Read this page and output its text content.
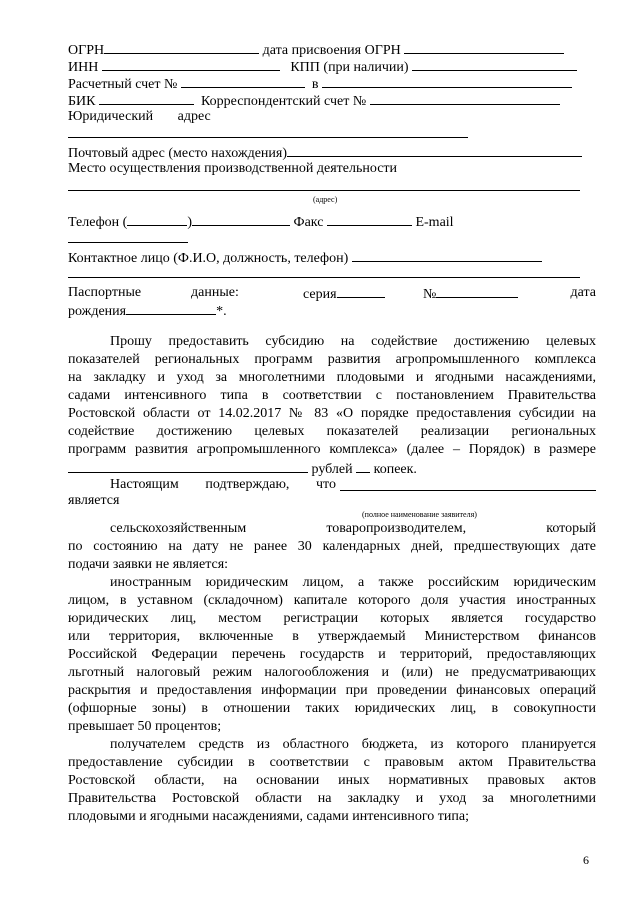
ОГРН	дата присвоения ОГРН
ИНН	КПП (при наличии)
Расчетный счет №	в
БИК	Корреспондентский счет №
Юридический адрес
Почтовый адрес (место нахождения)
Место осуществления производственной деятельности
(адрес)
Телефон (	)	Факс	E-mail
Контактное лицо (Ф.И.О, должность, телефон)
Паспортные	данные:	серия	№	дата
рождения	*.
Прошу предоставить субсидию на содействие достижению целевых
показателей региональных программ развития агропромышленного комплекса
на закладку и уход за многолетними плодовыми и ягодными насаждениями,
садами интенсивного типа в соответствии с постановлением Правительства
Ростовской области от 14.02.2017 № 83 «О порядке предоставления субсидии на
содействие достижению целевых показателей реализации региональных
программ развития агропромышленного комплекса» (далее – Порядок) в размере
рублей копеек.
Настоящим подтверждаю, что
является
(полное наименование заявителя)
сельскохозяйственным товаропроизводителем, который
по состоянию на дату не ранее 30 календарных дней, предшествующих дате
подачи заявки не является:
иностранным юридическим лицом, а также российским юридическим
лицом, в уставном (складочном) капитале которого доля участия иностранных
юридических лиц, местом регистрации которых является государство
или территория, включенные в утверждаемый Министерством финансов
Российской Федерации перечень государств и территорий, предоставляющих
льготный налоговый режим налогообложения и (или) не предусматривающих
раскрытия и предоставления информации при проведении финансовых операций
(офшорные зоны) в отношении таких юридических лиц, в совокупности
превышает 50 процентов;
получателем средств из областного бюджета, из которого планируется
предоставление субсидии в соответствии с правовым актом Правительства
Ростовской области, на основании иных нормативных правовых актов
Правительства Ростовской области на закладку и уход за многолетними
плодовыми и ягодными насаждениями, садами интенсивного типа;
6
